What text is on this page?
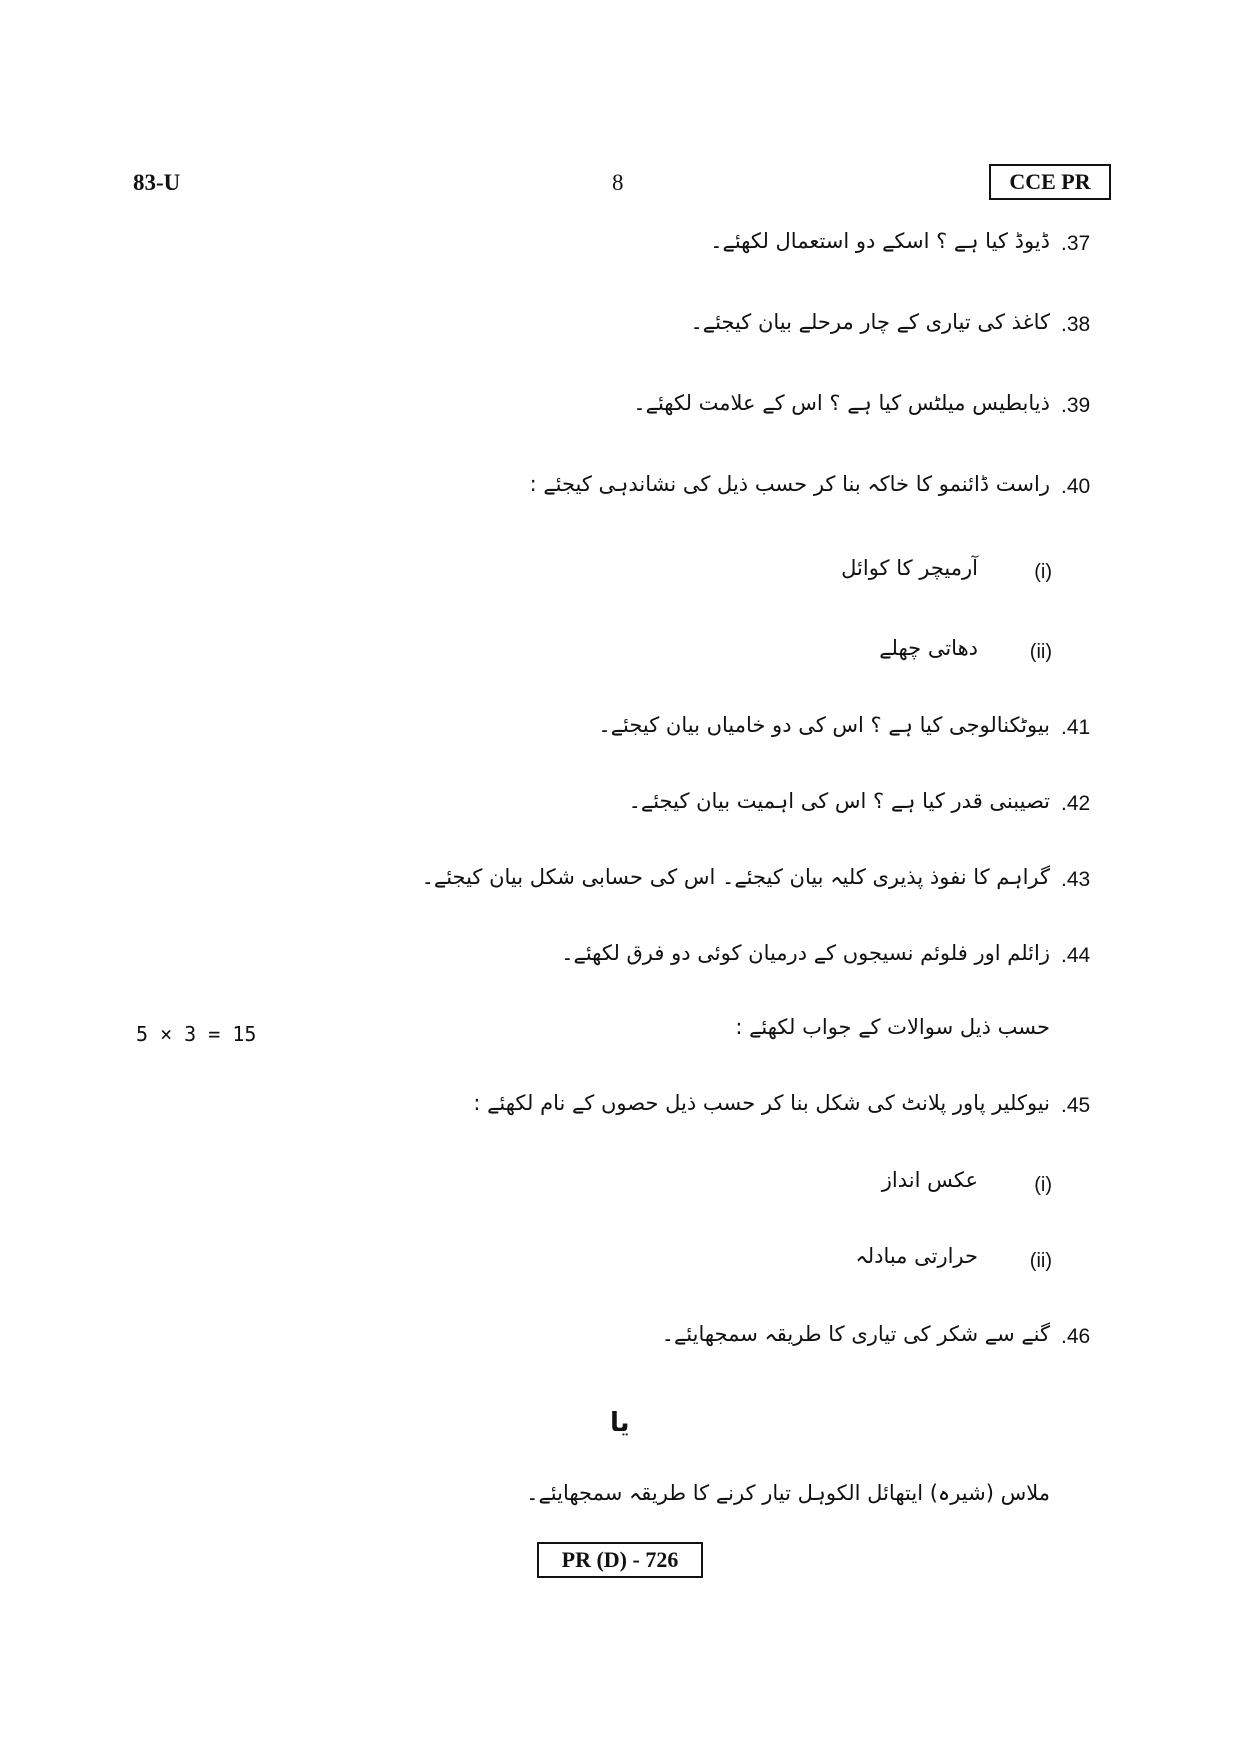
83-U	8	CCE PR
.37
ڈیوڈ کیا ہے ؟ اسکے دو استعمال لکھئے۔
.38
کاغذ کی تیاری کے چار مرحلے بیان کیجئے۔
.39
ذیابطیس میلٹس کیا ہے ؟ اس کے علامت لکھئے۔
.40
راست ڈائنمو کا خاکہ بنا کر حسب ذیل کی نشاندہی کیجئے :
(i)
آرمیچر کا کوائل
(ii)
دھاتی چھلے
.41
بیوٹکنالوجی کیا ہے ؟ اس کی دو خامیاں بیان کیجئے۔
.42
تصیبنی قدر کیا ہے ؟ اس کی اہمیت بیان کیجئے۔
.43
گراہم کا نفوذ پذیری کلیہ بیان کیجئے۔ اس کی حسابی شکل بیان کیجئے۔
.44
زائلم اور فلوئم نسیجوں کے درمیان کوئی دو فرق لکھئے۔
حسب ذیل سوالات کے جواب لکھئے :
5 × 3 = 15
.45
نیوکلیر پاور پلانٹ کی شکل بنا کر حسب ذیل حصوں کے نام لکھئے :
(i)
عکس انداز
(ii)
حرارتی مبادلہ
.46
گنے سے شکر کی تیاری کا طریقہ سمجھایئے۔
یا
ملاس (شیرہ) ایتھائل الکوہل تیار کرنے کا طریقہ سمجھایئے۔
PR (D) - 726
